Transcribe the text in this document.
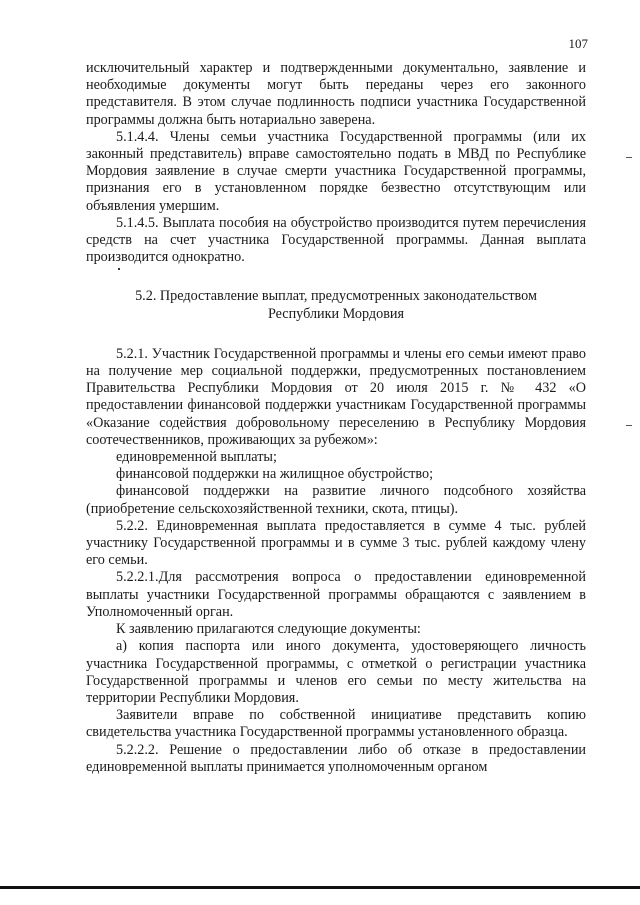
107

исключительный характер и подтвержденными документально, заявление и необходимые документы могут быть переданы через его законного представителя. В этом случае подлинность подписи участника Государственной программы должна быть нотариально заверена.

5.1.4.4. Члены семьи участника Государственной программы (или их законный представитель) вправе самостоятельно подать в МВД по Республике Мордовия заявление в случае смерти участника Государственной программы, признания его в установленном порядке безвестно отсутствующим или объявления умершим.

5.1.4.5. Выплата пособия на обустройство производится путем перечисления средств на счет участника Государственной программы. Данная выплата производится однократно.

5.2. Предоставление выплат, предусмотренных законодательством
Республики Мордовия

5.2.1. Участник Государственной программы и члены его семьи имеют право на получение мер социальной поддержки, предусмотренных постановлением Правительства Республики Мордовия от 20 июля 2015 г. № 432 «О предоставлении финансовой поддержки участникам Государственной программы «Оказание содействия добровольному переселению в Республику Мордовия соотечественников, проживающих за рубежом»:

единовременной выплаты;

финансовой поддержки на жилищное обустройство;

финансовой поддержки на развитие личного подсобного хозяйства (приобретение сельскохозяйственной техники, скота, птицы).

5.2.2. Единовременная выплата предоставляется в сумме 4 тыс. рублей участнику Государственной программы и в сумме 3 тыс. рублей каждому члену его семьи.

5.2.2.1.Для рассмотрения вопроса о предоставлении единовременной выплаты участники Государственной программы обращаются с заявлением в Уполномоченный орган.

К заявлению прилагаются следующие документы:

а) копия паспорта или иного документа, удостоверяющего личность участника Государственной программы, с отметкой о регистрации участника Государственной программы и членов его семьи по месту жительства на территории Республики Мордовия.

Заявители вправе по собственной инициативе представить копию свидетельства участника Государственной программы установленного образца.

5.2.2.2. Решение о предоставлении либо об отказе в предоставлении единовременной выплаты принимается уполномоченным органом
